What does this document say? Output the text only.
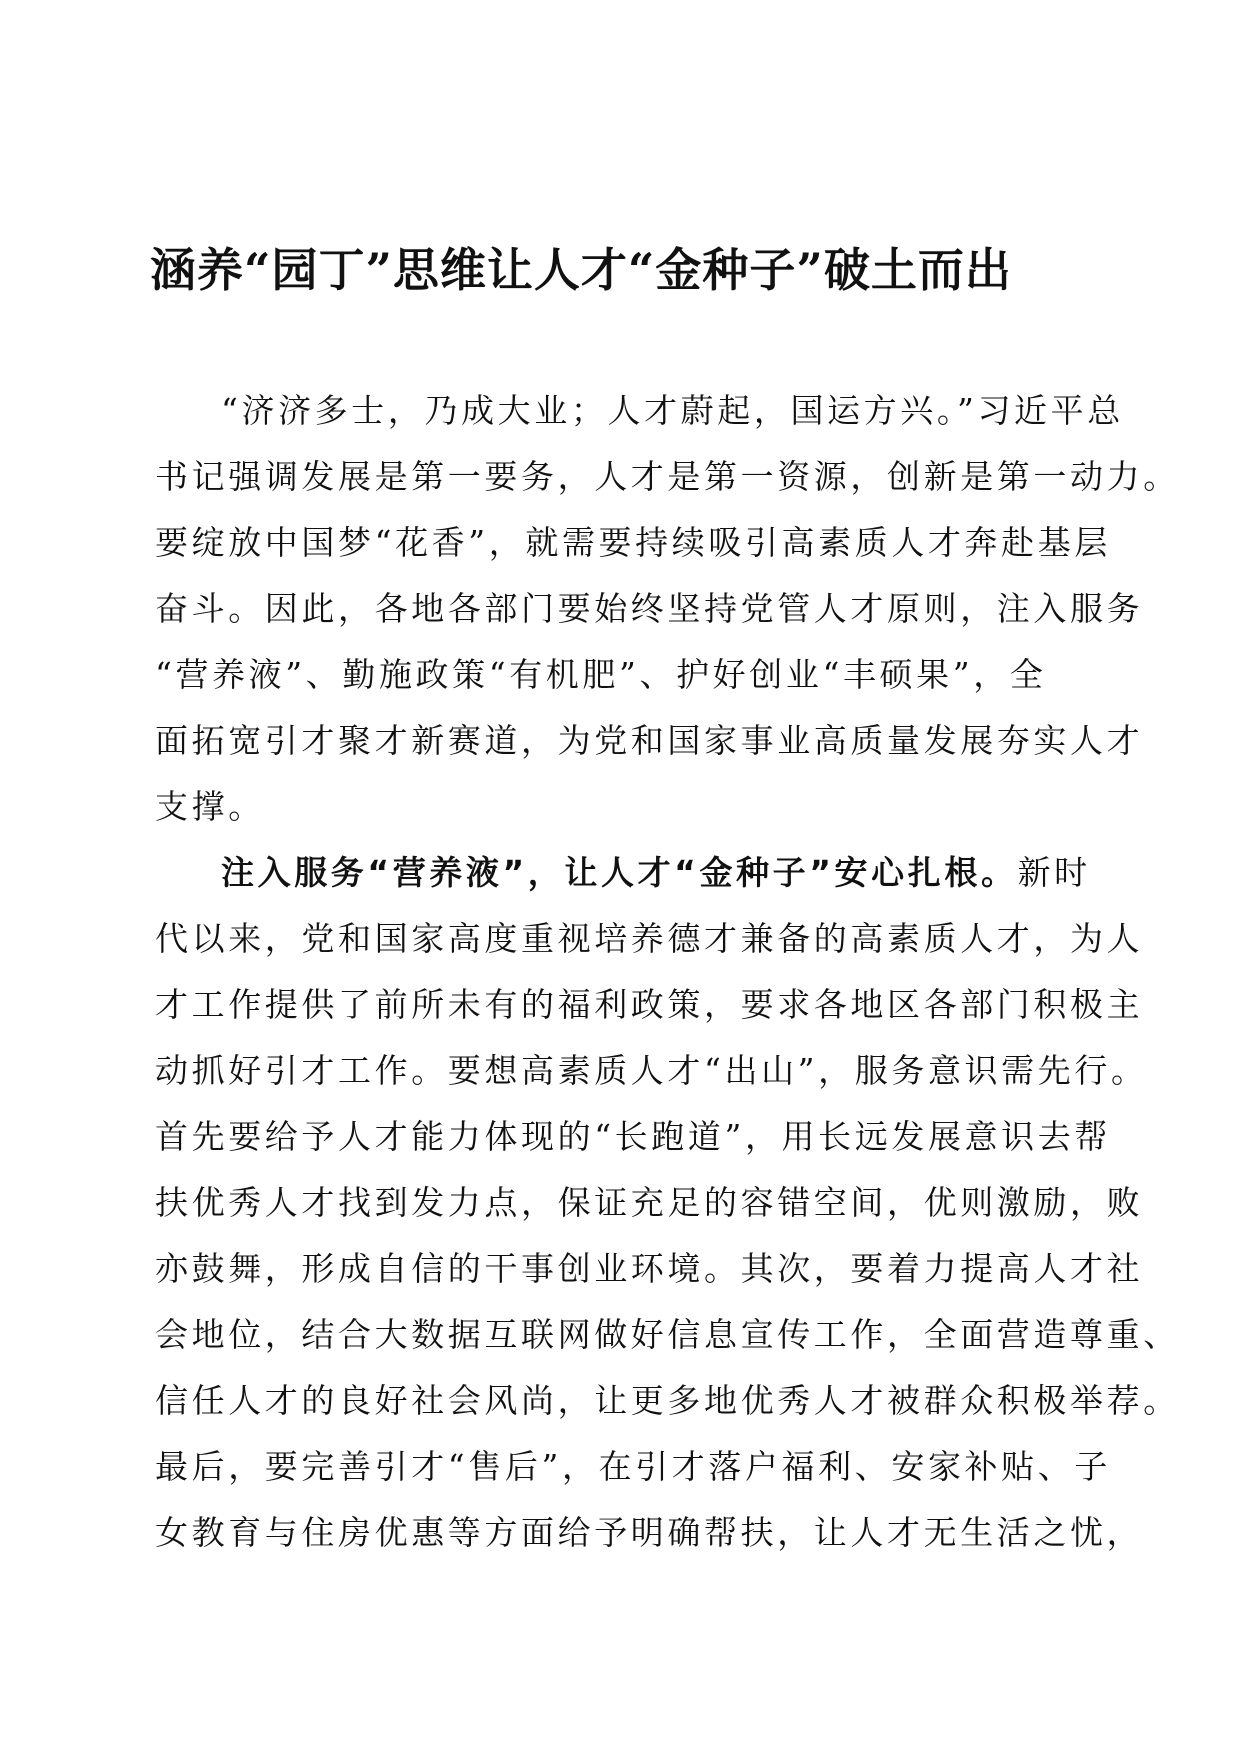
涵养“园丁”思维让人才“金种子”破土而出

“济济多士，乃成大业；人才蔚起，国运方兴。”习近平总
书记强调发展是第一要务，人才是第一资源，创新是第一动力。
要绽放中国梦“花香”，就需要持续吸引高素质人才奔赴基层
奋斗。因此，各地各部门要始终坚持党管人才原则，注入服务
“营养液”、勤施政策“有机肥”、护好创业“丰硕果”，全
面拓宽引才聚才新赛道，为党和国家事业高质量发展夯实人才
支撑。

注入服务“营养液”，让人才“金种子”安心扎根。新时
代以来，党和国家高度重视培养德才兼备的高素质人才，为人
才工作提供了前所未有的福利政策，要求各地区各部门积极主
动抓好引才工作。要想高素质人才“出山”，服务意识需先行。
首先要给予人才能力体现的“长跑道”，用长远发展意识去帮
扶优秀人才找到发力点，保证充足的容错空间，优则激励，败
亦鼓舞，形成自信的干事创业环境。其次，要着力提高人才社
会地位，结合大数据互联网做好信息宣传工作，全面营造尊重、
信任人才的良好社会风尚，让更多地优秀人才被群众积极举荐。
最后，要完善引才“售后”，在引才落户福利、安家补贴、子
女教育与住房优惠等方面给予明确帮扶，让人才无生活之忧，
